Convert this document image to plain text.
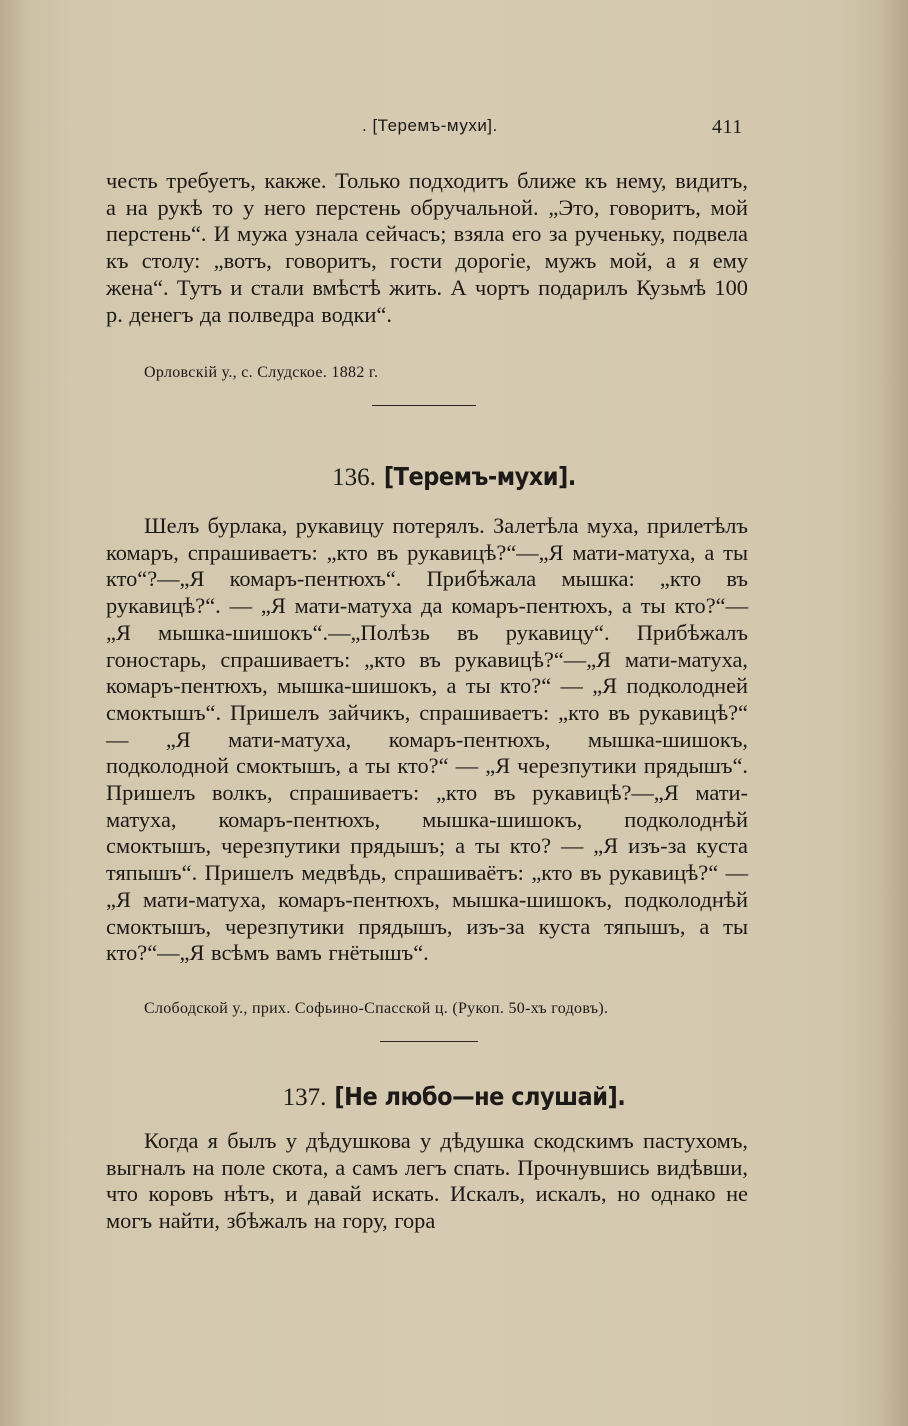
. [Теремъ-мухи].	411

честь требуетъ, какже. Только подходитъ ближе къ нему, видитъ, а на рукѣ то у него перстень обручальной. „Это, говоритъ, мой перстень“. И мужа узнала сейчасъ; взяла его за рученьку, подвела къ столу: „вотъ, говоритъ, гости дорогіе, мужъ мой, а я ему жена“. Тутъ и стали вмѣстѣ жить. А чортъ подарилъ Кузьмѣ 100 р. денегъ да полведра водки“.

Орловскій у., с. Слудское. 1882 г.
136. [Теремъ-мухи].

Шелъ бурлака, рукавицу потерялъ. Залетѣла муха, прилетѣлъ комаръ, спрашиваетъ: „кто въ рукавицѣ?“—„Я мати-матуха, а ты кто“?—„Я комаръ-пентюхъ“. Прибѣжала мышка: „кто въ рукавицѣ?“. — „Я мати-матуха да комаръ-пентюхъ, а ты кто?“—„Я мышка-шишокъ“.—„Полѣзь въ рукавицу“. Прибѣжалъ гоностарь, спрашиваетъ: „кто въ рукавицѣ?“—„Я мати-матуха, комаръ-пентюхъ, мышка-шишокъ, а ты кто?“ — „Я подколодней смоктышъ“. Пришелъ зайчикъ, спрашиваетъ: „кто въ рукавицѣ?“ — „Я мати-матуха, комаръ-пентюхъ, мышка-шишокъ, подколодной смоктышъ, а ты кто?“ — „Я черезпутики прядышъ“. Пришелъ волкъ, спрашиваетъ: „кто въ рукавицѣ?—„Я мати-матуха, комаръ-пентюхъ, мышка-шишокъ, подколоднѣй смоктышъ, черезпутики прядышъ; а ты кто? — „Я изъ-за куста тяпышъ“. Пришелъ медвѣдь, спрашиваётъ: „кто въ рукавицѣ?“ — „Я мати-матуха, комаръ-пентюхъ, мышка-шишокъ, подколоднѣй смоктышъ, черезпутики прядышъ, изъ-за куста тяпышъ, а ты кто?“—„Я всѣмъ вамъ гнётышъ“.

Слободской у., прих. Софьино-Спасской ц. (Рукоп. 50-хъ годовъ).
137. [Не любо—не слушай].

Когда я былъ у дѣдушкова у дѣдушка скодскимъ пастухомъ, выгналъ на поле скота, а самъ легъ спать. Прочнувшись видѣвши, что коровъ нѣтъ, и давай искать. Искалъ, искалъ, но однако не могъ найти, збѣжалъ на гору, гора
